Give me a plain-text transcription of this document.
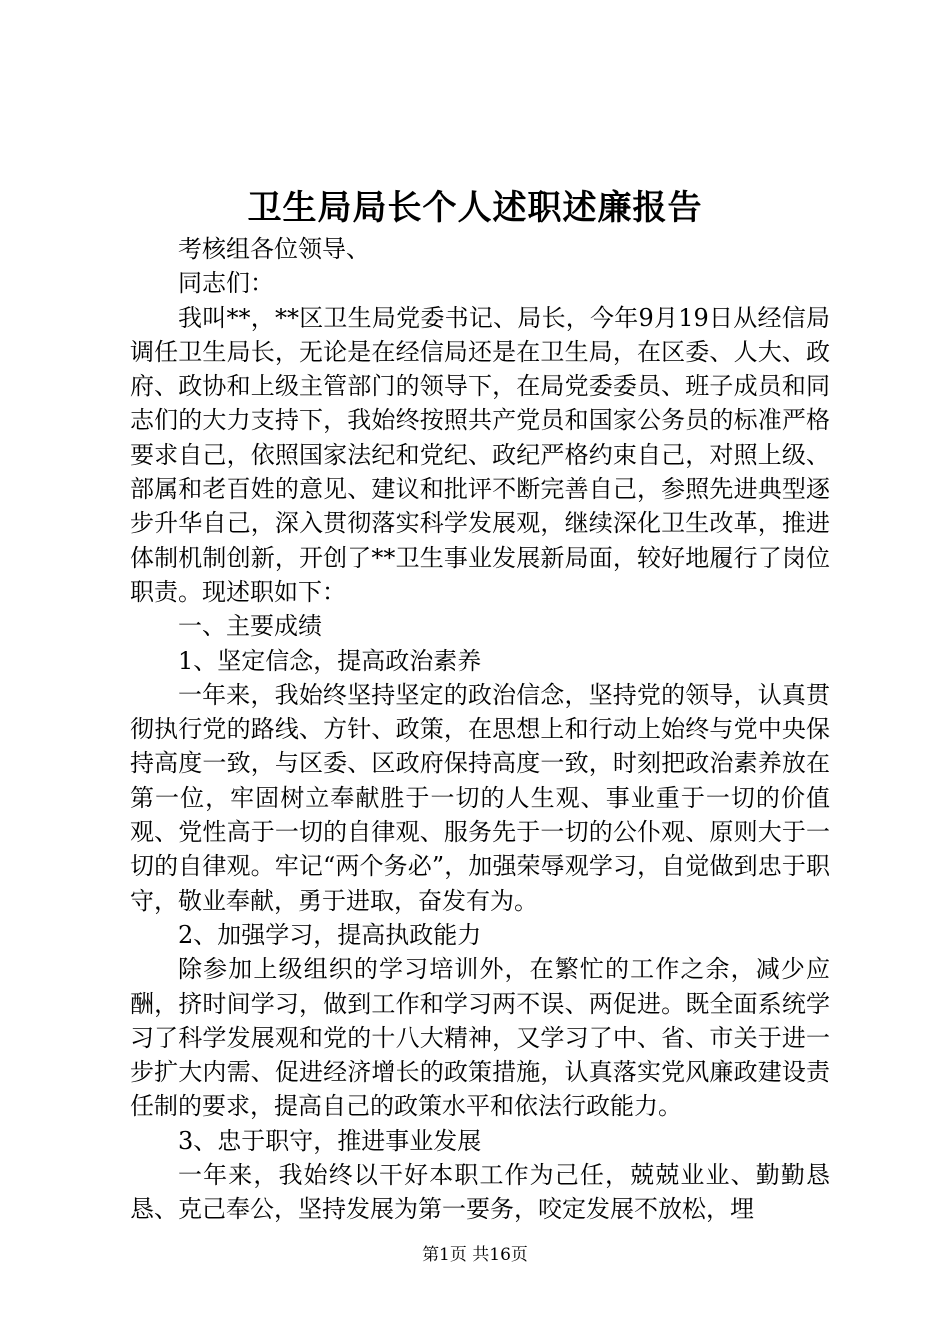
卫生局局长个人述职述廉报告

考核组各位领导、

同志们：

我叫**，**区卫生局党委书记、局长，今年9月19日从经信局调任卫生局长，无论是在经信局还是在卫生局，在区委、人大、政府、政协和上级主管部门的领导下，在局党委委员、班子成员和同志们的大力支持下，我始终按照共产党员和国家公务员的标准严格要求自己，依照国家法纪和党纪、政纪严格约束自己，对照上级、部属和老百姓的意见、建议和批评不断完善自己，参照先进典型逐步升华自己，深入贯彻落实科学发展观，继续深化卫生改革，推进体制机制创新，开创了**卫生事业发展新局面，较好地履行了岗位职责。现述职如下：

一、主要成绩

1、坚定信念，提高政治素养

一年来，我始终坚持坚定的政治信念，坚持党的领导，认真贯彻执行党的路线、方针、政策，在思想上和行动上始终与党中央保持高度一致，与区委、区政府保持高度一致，时刻把政治素养放在第一位，牢固树立奉献胜于一切的人生观、事业重于一切的价值观、党性高于一切的自律观、服务先于一切的公仆观、原则大于一切的自律观。牢记“两个务必”，加强荣辱观学习，自觉做到忠于职守，敬业奉献，勇于进取，奋发有为。

2、加强学习，提高执政能力

除参加上级组织的学习培训外，在繁忙的工作之余，减少应酬，挤时间学习，做到工作和学习两不误、两促进。既全面系统学习了科学发展观和党的十八大精神，又学习了中、省、市关于进一步扩大内需、促进经济增长的政策措施，认真落实党风廉政建设责任制的要求，提高自己的政策水平和依法行政能力。

3、忠于职守，推进事业发展

一年来，我始终以干好本职工作为己任，兢兢业业、勤勤恳恳、克己奉公，坚持发展为第一要务，咬定发展不放松，埋

第1页 共16页
